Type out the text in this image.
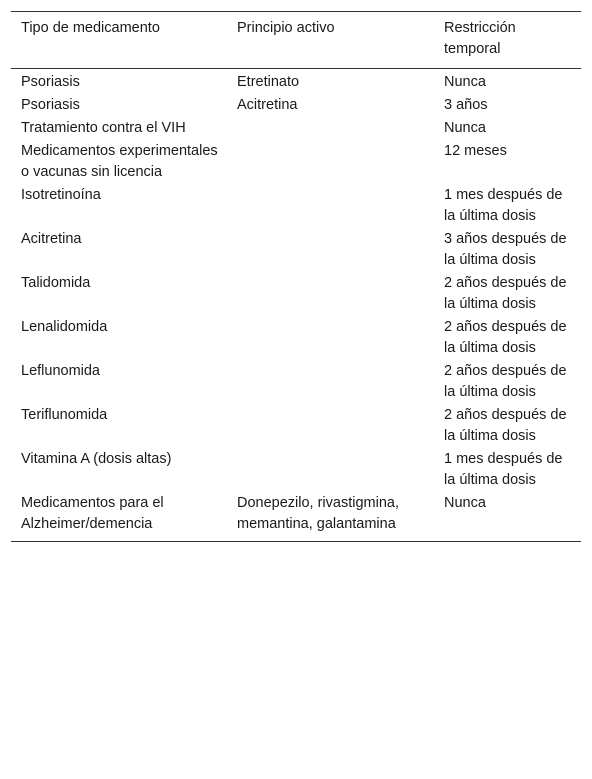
Tipo de medicamento	Principio activo	Restricción temporal
Psoriasis	Etretinato	Nunca
Psoriasis	Acitretina	3 años
Tratamiento contra el VIH		Nunca
Medicamentos experimentales o vacunas sin licencia		12 meses
Isotretinoína		1 mes después de la última dosis
Acitretina		3 años después de la última dosis
Talidomida		2 años después de la última dosis
Lenalidomida		2 años después de la última dosis
Leflunomida		2 años después de la última dosis
Teriflunomida		2 años después de la última dosis
Vitamina A (dosis altas)		1 mes después de la última dosis
Medicamentos para el Alzheimer/demencia	Donepezilo, rivastigmina, memantina, galantamina	Nunca
